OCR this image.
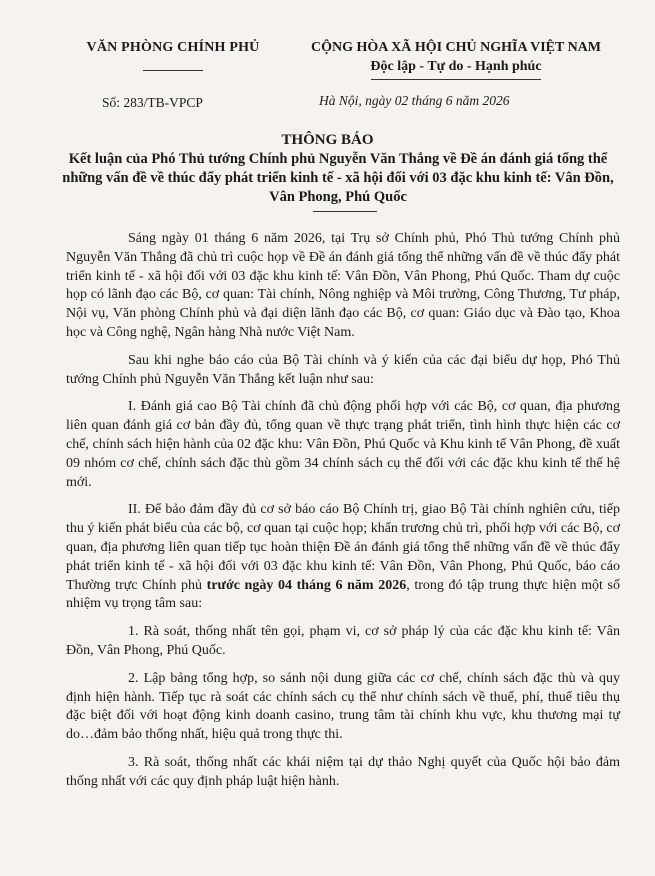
VĂN PHÒNG CHÍNH PHỦ	CỘNG HÒA XÃ HỘI CHỦ NGHĨA VIỆT NAM
Độc lập - Tự do - Hạnh phúc
Số: 283/TB-VPCP	Hà Nội, ngày 02 tháng 6 năm 2026
THÔNG BÁO
Kết luận của Phó Thủ tướng Chính phủ Nguyễn Văn Thắng về Đề án đánh giá tổng thể những vấn đề về thúc đẩy phát triển kinh tế - xã hội đối với 03 đặc khu kinh tế: Vân Đồn, Vân Phong, Phú Quốc

Sáng ngày 01 tháng 6 năm 2026, tại Trụ sở Chính phủ, Phó Thủ tướng Chính phủ Nguyễn Văn Thắng đã chủ trì cuộc họp về Đề án đánh giá tổng thể những vấn đề về thúc đẩy phát triển kinh tế - xã hội đối với 03 đặc khu kinh tế: Vân Đồn, Vân Phong, Phú Quốc. Tham dự cuộc họp có lãnh đạo các Bộ, cơ quan: Tài chính, Nông nghiệp và Môi trường, Công Thương, Tư pháp, Nội vụ, Văn phòng Chính phủ và đại diện lãnh đạo các Bộ, cơ quan: Giáo dục và Đào tạo, Khoa học và Công nghệ, Ngân hàng Nhà nước Việt Nam.

Sau khi nghe báo cáo của Bộ Tài chính và ý kiến của các đại biểu dự họp, Phó Thủ tướng Chính phủ Nguyễn Văn Thắng kết luận như sau:

I. Đánh giá cao Bộ Tài chính đã chủ động phối hợp với các Bộ, cơ quan, địa phương liên quan đánh giá cơ bản đầy đủ, tổng quan về thực trạng phát triển, tình hình thực hiện các cơ chế, chính sách hiện hành của 02 đặc khu: Vân Đồn, Phú Quốc và Khu kinh tế Vân Phong, đề xuất 09 nhóm cơ chế, chính sách đặc thù gồm 34 chính sách cụ thể đối với các đặc khu kinh tế thế hệ mới.

II. Để bảo đảm đầy đủ cơ sở báo cáo Bộ Chính trị, giao Bộ Tài chính nghiên cứu, tiếp thu ý kiến phát biểu của các bộ, cơ quan tại cuộc họp; khẩn trương chủ trì, phối hợp với các Bộ, cơ quan, địa phương liên quan tiếp tục hoàn thiện Đề án đánh giá tổng thể những vấn đề về thúc đẩy phát triển kinh tế - xã hội đối với 03 đặc khu kinh tế: Vân Đồn, Vân Phong, Phú Quốc, báo cáo Thường trực Chính phủ trước ngày 04 tháng 6 năm 2026, trong đó tập trung thực hiện một số nhiệm vụ trọng tâm sau:

1. Rà soát, thống nhất tên gọi, phạm vi, cơ sở pháp lý của các đặc khu kinh tế: Vân Đồn, Vân Phong, Phú Quốc.

2. Lập bảng tổng hợp, so sánh nội dung giữa các cơ chế, chính sách đặc thù và quy định hiện hành. Tiếp tục rà soát các chính sách cụ thể như chính sách về thuế, phí, thuế tiêu thụ đặc biệt đối với hoạt động kinh doanh casino, trung tâm tài chính khu vực, khu thương mại tự do…đảm bảo thống nhất, hiệu quả trong thực thi.

3. Rà soát, thống nhất các khái niệm tại dự thảo Nghị quyết của Quốc hội bảo đảm thống nhất với các quy định pháp luật hiện hành.
